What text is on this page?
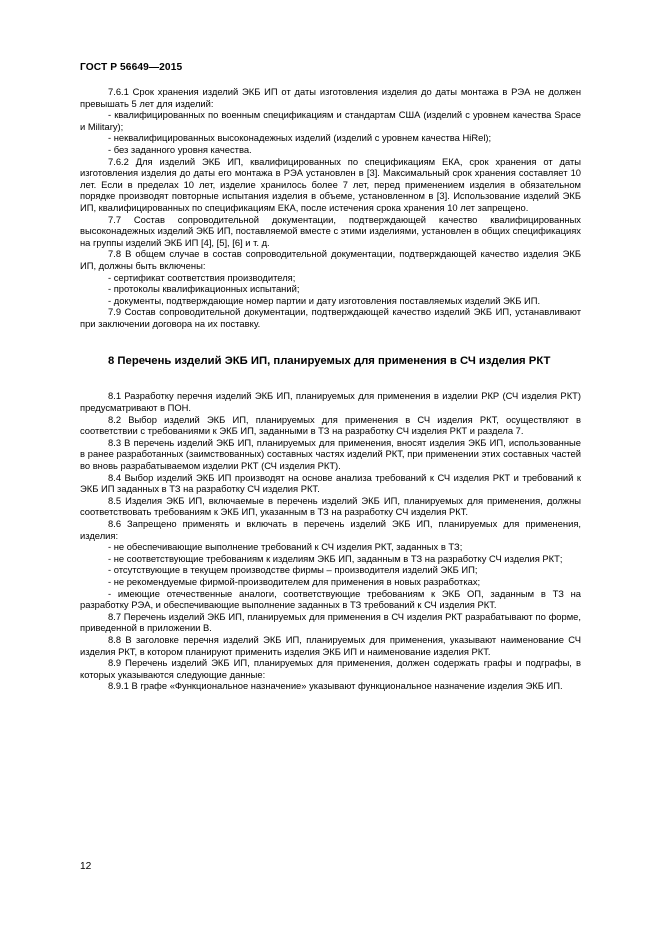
ГОСТ Р 56649—2015

7.6.1 Срок хранения изделий ЭКБ ИП от даты изготовления изделия до даты монтажа в РЭА не должен превышать 5 лет для изделий:

- квалифицированных по военным спецификациям и стандартам США (изделий с уровнем качества Space и Military);

- неквалифицированных высоконадежных изделий (изделий с уровнем качества HiRel);

- без заданного уровня качества.

7.6.2 Для изделий ЭКБ ИП, квалифицированных по спецификациям ЕКА, срок хранения от даты изготовления изделия до даты его монтажа в РЭА установлен в [3]. Максимальный срок хранения составляет 10 лет. Если в пределах 10 лет, изделие хранилось более 7 лет, перед применением изделия в обязательном порядке производят повторные испытания изделия в объеме, установленном в [3]. Использование изделий ЭКБ ИП, квалифицированных по спецификациям ЕКА, после истечения срока хранения 10 лет запрещено.

7.7 Состав сопроводительной документации, подтверждающей качество квалифицированных высоконадежных изделий ЭКБ ИП, поставляемой вместе с этими изделиями, установлен в общих спецификациях на группы изделий ЭКБ ИП [4], [5], [6] и т. д.

7.8 В общем случае в состав сопроводительной документации, подтверждающей качество изделия ЭКБ ИП, должны быть включены:

- сертификат соответствия производителя;

- протоколы квалификационных испытаний;

- документы, подтверждающие номер партии и дату изготовления поставляемых изделий ЭКБ ИП.

7.9 Состав сопроводительной документации, подтверждающей качество изделий ЭКБ ИП, устанавливают при заключении договора на их поставку.

8 Перечень изделий ЭКБ ИП, планируемых для применения в СЧ изделия РКТ

8.1 Разработку перечня изделий ЭКБ ИП, планируемых для применения в изделии РКР (СЧ изделия РКТ) предусматривают в ПОН.

8.2 Выбор изделий ЭКБ ИП, планируемых для применения в СЧ изделия РКТ, осуществляют в соответствии с требованиями к ЭКБ ИП, заданными в ТЗ на разработку СЧ изделия РКТ и раздела 7.

8.3 В перечень изделий ЭКБ ИП, планируемых для применения, вносят изделия ЭКБ ИП, использованные в ранее разработанных (заимствованных) составных частях изделий РКТ, при применении этих составных частей во вновь разрабатываемом изделии РКТ (СЧ изделия РКТ).

8.4 Выбор изделий ЭКБ ИП производят на основе анализа требований к СЧ изделия РКТ и требований к ЭКБ ИП заданных в ТЗ на разработку СЧ изделия РКТ.

8.5 Изделия ЭКБ ИП, включаемые в перечень изделий ЭКБ ИП, планируемых для применения, должны соответствовать требованиям к ЭКБ ИП, указанным в ТЗ на разработку СЧ изделия РКТ.

8.6 Запрещено применять и включать в перечень изделий ЭКБ ИП, планируемых для применения, изделия:

- не обеспечивающие выполнение требований к СЧ изделия РКТ, заданных в ТЗ;

- не соответствующие требованиям к изделиям ЭКБ ИП, заданным в ТЗ на разработку СЧ изделия РКТ;

- отсутствующие в текущем производстве фирмы – производителя изделий ЭКБ ИП;

- не рекомендуемые фирмой-производителем для применения в новых разработках;

- имеющие отечественные аналоги, соответствующие требованиям к ЭКБ ОП, заданным в ТЗ на разработку РЭА, и обеспечивающие выполнение заданных в ТЗ требований к СЧ изделия РКТ.

8.7 Перечень изделий ЭКБ ИП, планируемых для применения в СЧ изделия РКТ разрабатывают по форме, приведенной в приложении В.

8.8 В заголовке перечня изделий ЭКБ ИП, планируемых для применения, указывают наименование СЧ изделия РКТ, в котором планируют применить изделия ЭКБ ИП и наименование изделия РКТ.

8.9 Перечень изделий ЭКБ ИП, планируемых для применения, должен содержать графы и подграфы, в которых указываются следующие данные:

8.9.1 В графе «Функциональное назначение» указывают функциональное назначение изделия ЭКБ ИП.

12
